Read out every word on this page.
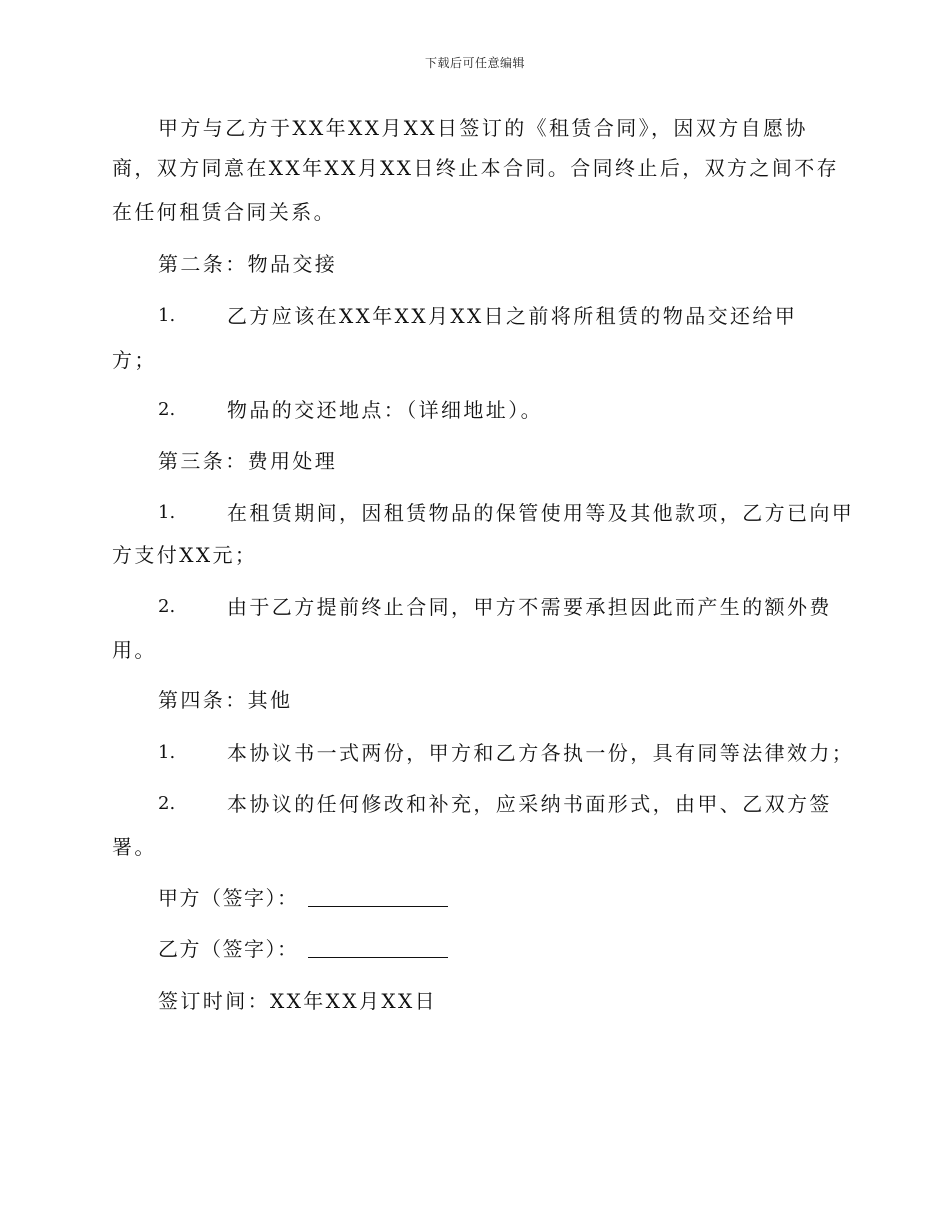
下载后可任意编辑
甲方与乙方于XX年XX月XX日签订的《租赁合同》，因双方自愿协
商，双方同意在XX年XX月XX日终止本合同。合同终止后，双方之间不存
在任何租赁合同关系。
第二条：物品交接
1.	乙方应该在XX年XX月XX日之前将所租赁的物品交还给甲
方；
2.	物品的交还地点：（详细地址）。
第三条：费用处理
1.	在租赁期间，因租赁物品的保管使用等及其他款项，乙方已向甲
方支付XX元；
2.	由于乙方提前终止合同，甲方不需要承担因此而产生的额外费
用。
第四条：其他
1.	本协议书一式两份，甲方和乙方各执一份，具有同等法律效力；
2.	本协议的任何修改和补充，应采纳书面形式，由甲、乙双方签
署。
甲方（签字）：
乙方（签字）：
签订时间：XX年XX月XX日
